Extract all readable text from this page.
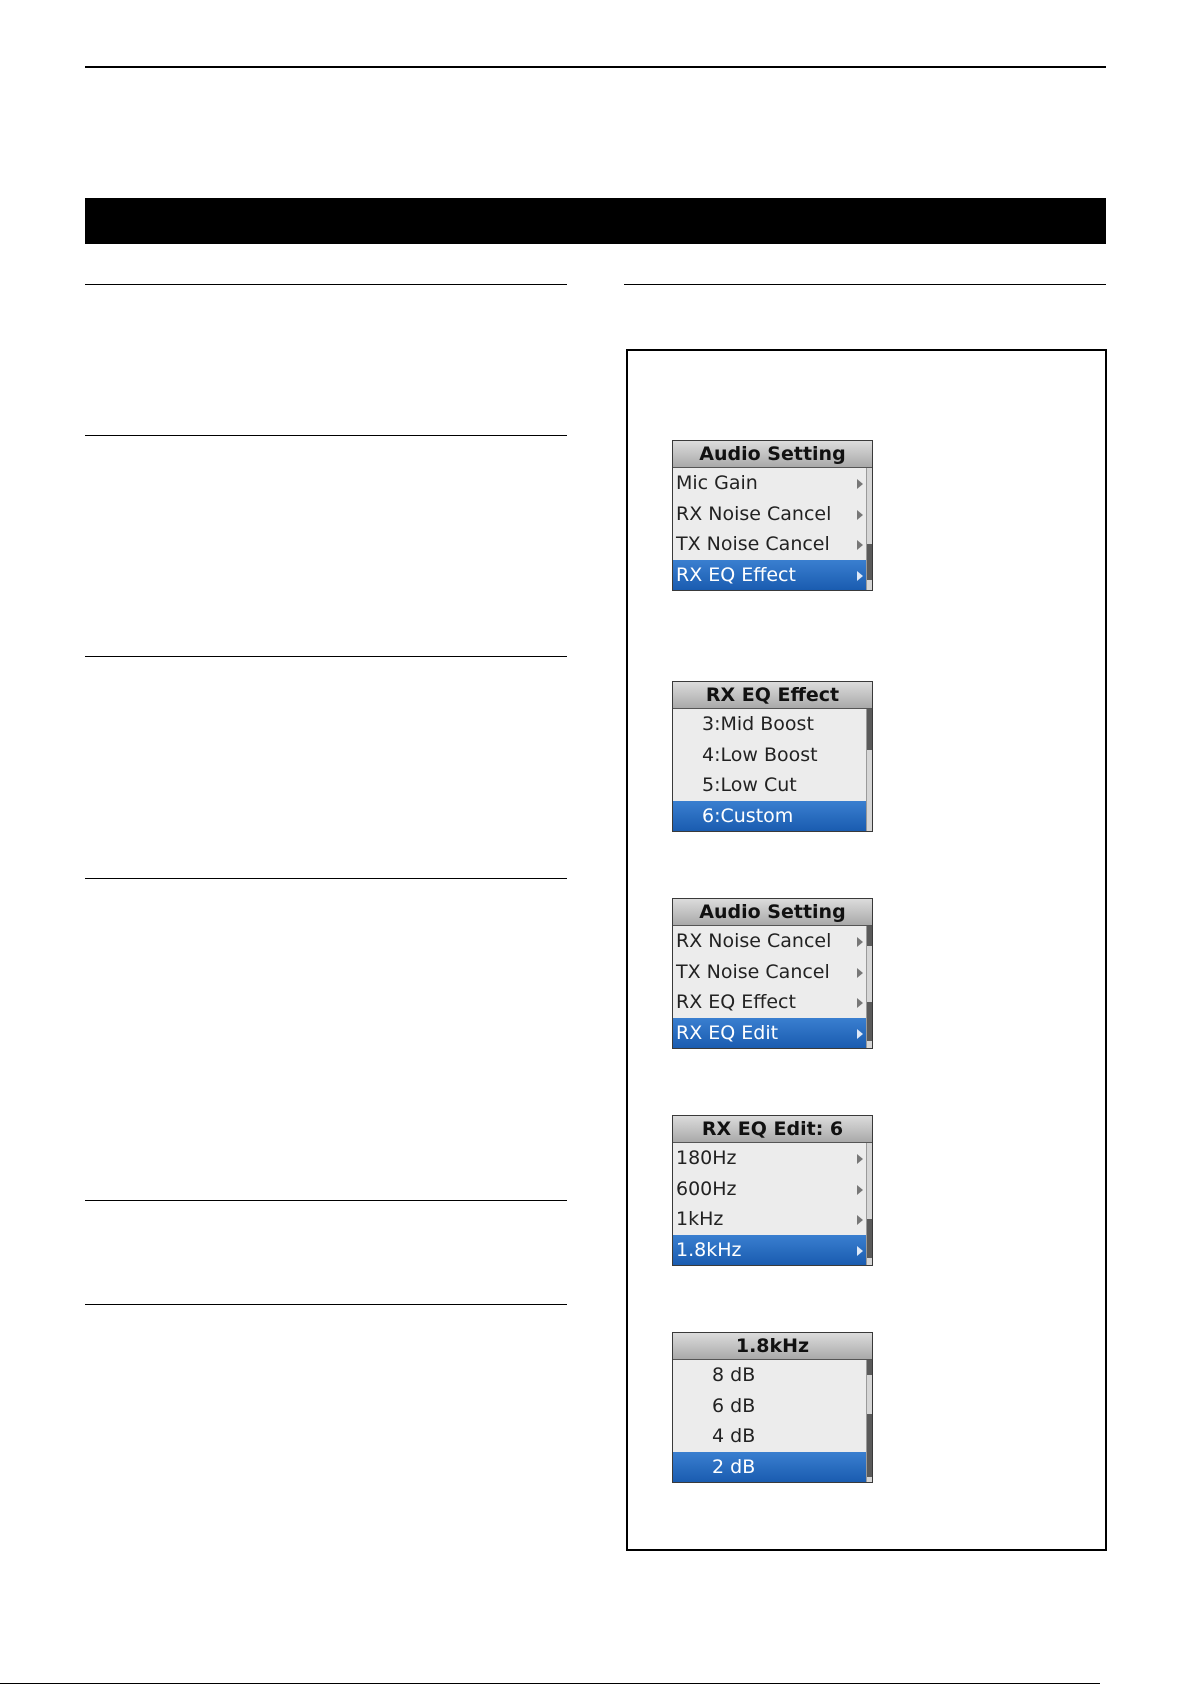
Audio Setting
Mic Gain
RX Noise Cancel
TX Noise Cancel
RX EQ Effect
RX EQ Effect
3:Mid Boost
4:Low Boost
5:Low Cut
6:Custom
Audio Setting
RX Noise Cancel
TX Noise Cancel
RX EQ Effect
RX EQ Edit
RX EQ Edit: 6
180Hz
600Hz
1kHz
1.8kHz
1.8kHz
8 dB
6 dB
4 dB
2 dB
